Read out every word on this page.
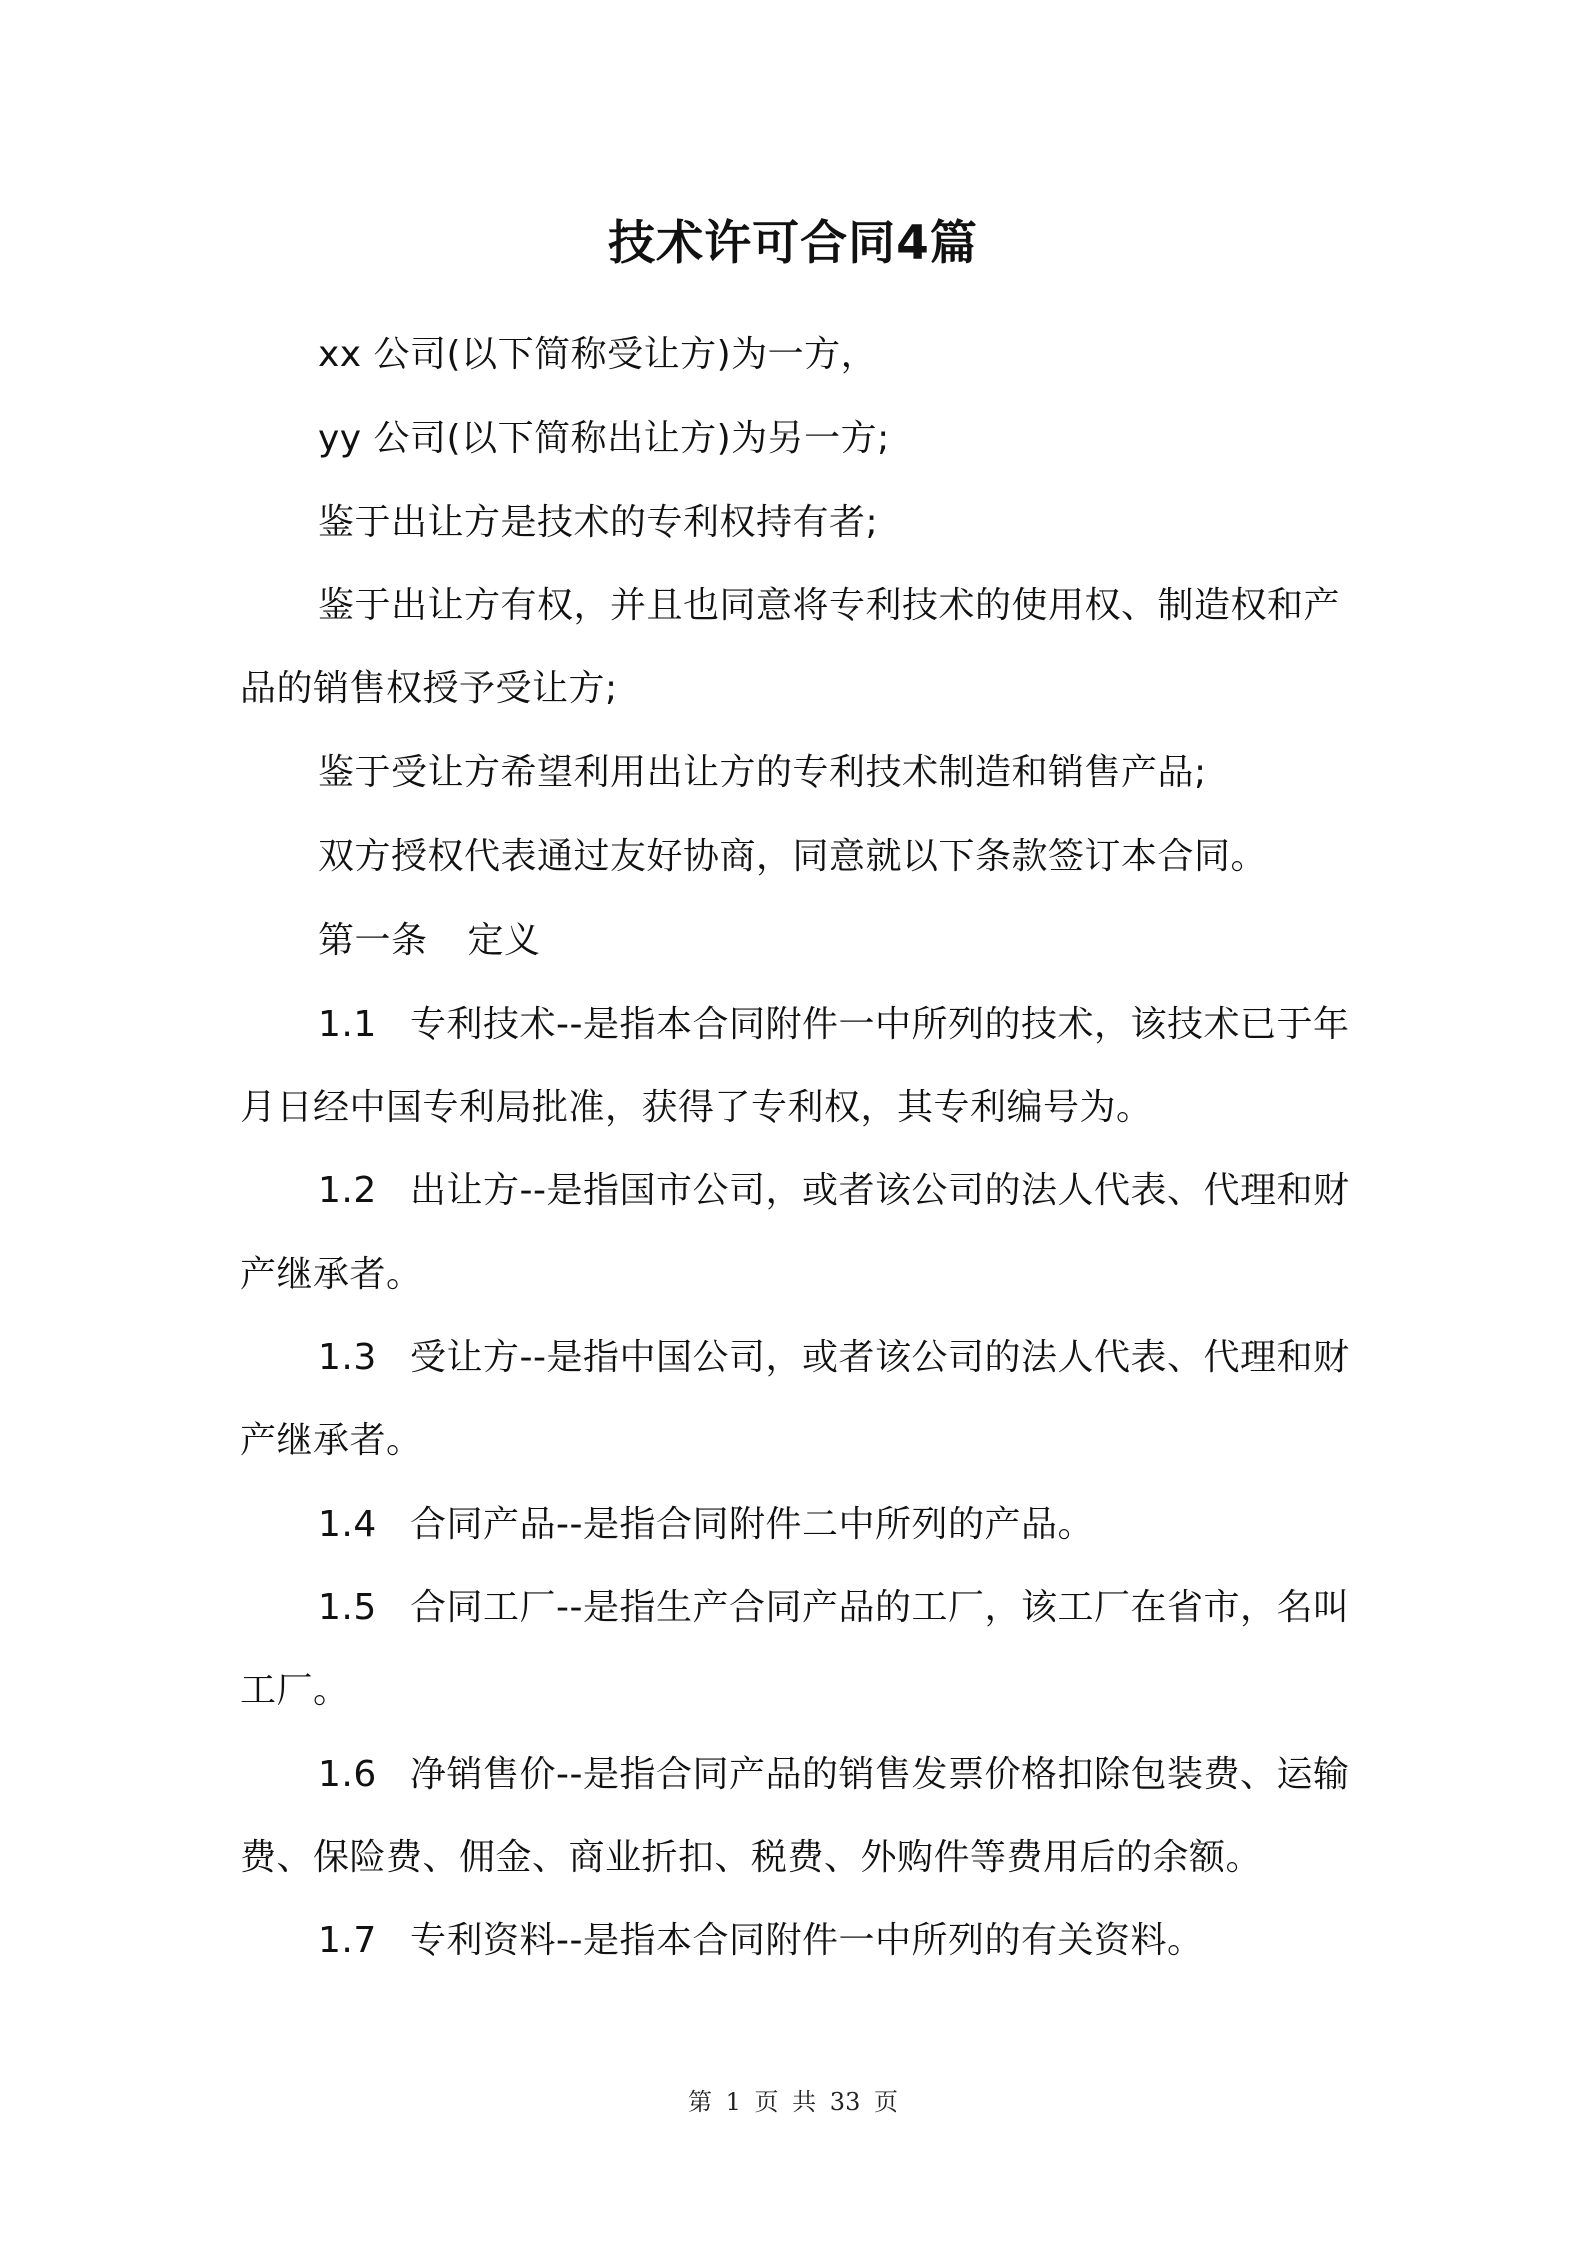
技术许可合同4篇
xx 公司(以下简称受让方)为一方，
yy 公司(以下简称出让方)为另一方;
鉴于出让方是技术的专利权持有者;
鉴于出让方有权，并且也同意将专利技术的使用权、制造权和产
品的销售权授予受让方;
鉴于受让方希望利用出让方的专利技术制造和销售产品;
双方授权代表通过友好协商，同意就以下条款签订本合同。
第一条 定义
1.1 专利技术--是指本合同附件一中所列的技术，该技术已于年
月日经中国专利局批准，获得了专利权，其专利编号为。
1.2 出让方--是指国市公司，或者该公司的法人代表、代理和财
产继承者。
1.3 受让方--是指中国公司，或者该公司的法人代表、代理和财
产继承者。
1.4 合同产品--是指合同附件二中所列的产品。
1.5 合同工厂--是指生产合同产品的工厂，该工厂在省市，名叫
工厂。
1.6 净销售价--是指合同产品的销售发票价格扣除包装费、运输
费、保险费、佣金、商业折扣、税费、外购件等费用后的余额。
1.7 专利资料--是指本合同附件一中所列的有关资料。
第 1 页 共 33 页
